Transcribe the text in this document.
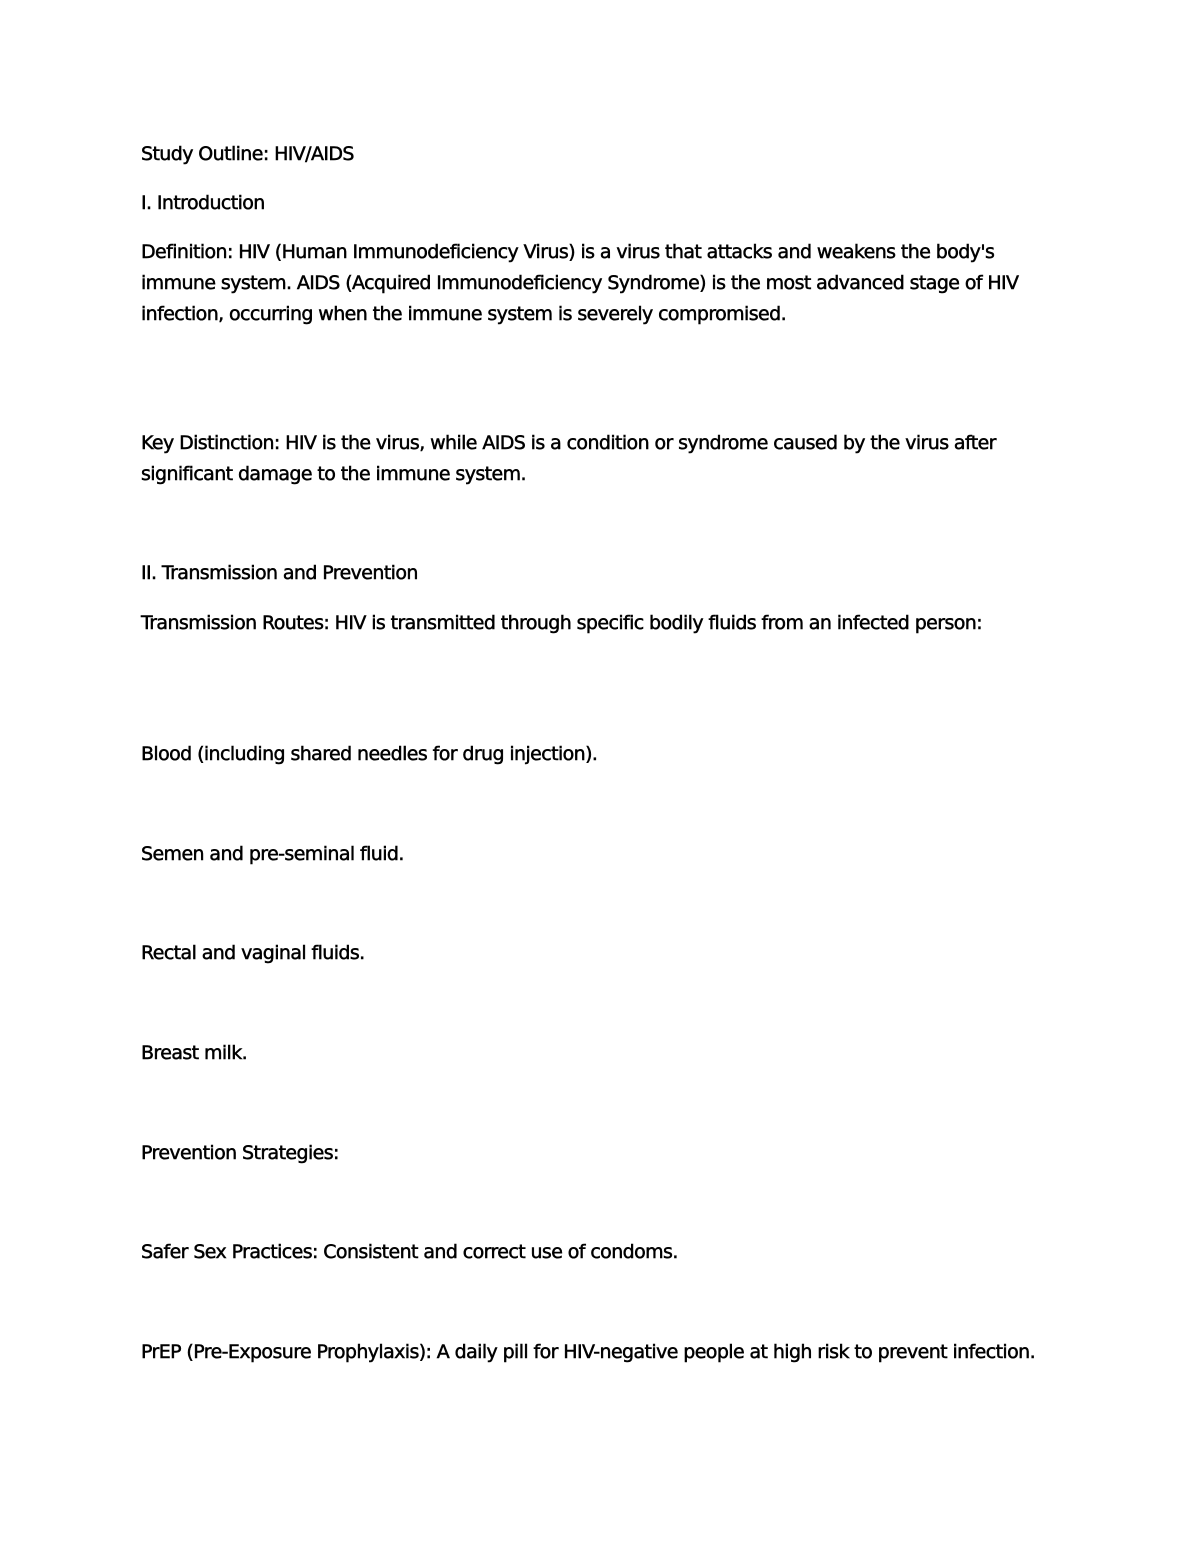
Study Outline: HIV/AIDS

I. Introduction

Definition: HIV (Human Immunodeficiency Virus) is a virus that attacks and weakens the body's immune system. AIDS (Acquired Immunodeficiency Syndrome) is the most advanced stage of HIV infection, occurring when the immune system is severely compromised.

Key Distinction: HIV is the virus, while AIDS is a condition or syndrome caused by the virus after significant damage to the immune system.

II. Transmission and Prevention

Transmission Routes: HIV is transmitted through specific bodily fluids from an infected person:

Blood (including shared needles for drug injection).

Semen and pre-seminal fluid.

Rectal and vaginal fluids.

Breast milk.

Prevention Strategies:

Safer Sex Practices: Consistent and correct use of condoms.

PrEP (Pre-Exposure Prophylaxis): A daily pill for HIV-negative people at high risk to prevent infection.
